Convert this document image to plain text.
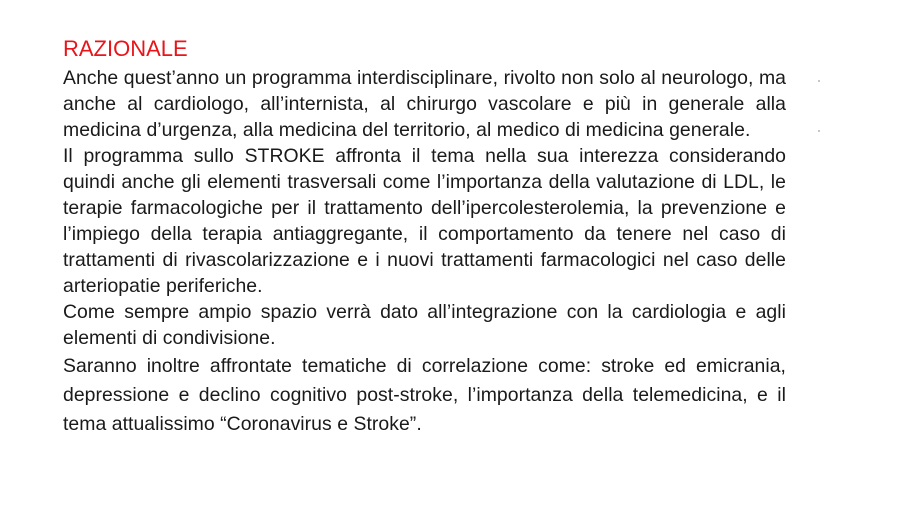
RAZIONALE

Anche quest’anno un programma interdisciplinare, rivolto non solo al neurologo, ma anche al cardiologo, all’internista, al chirurgo vascolare e più in generale alla medicina d’urgenza, alla medicina del territorio, al medico di medicina generale.

Il programma sullo STROKE affronta il tema nella sua interezza considerando quindi anche gli elementi trasversali come l’importanza della valutazione di LDL, le terapie farmacologiche per il trattamento dell’ipercolesterolemia, la prevenzione e l’impiego della terapia antiaggregante, il comportamento da tenere nel caso di trattamenti di rivascolarizzazione e i nuovi trattamenti farmacologici nel caso delle arteriopatie periferiche.

Come sempre ampio spazio verrà dato all’integrazione con la cardiologia e agli elementi di condivisione.

Saranno inoltre affrontate tematiche di correlazione come: stroke ed emicrania, depressione e declino cognitivo post-stroke, l’importanza della telemedicina, e il tema attualissimo “Coronavirus e Stroke”.
